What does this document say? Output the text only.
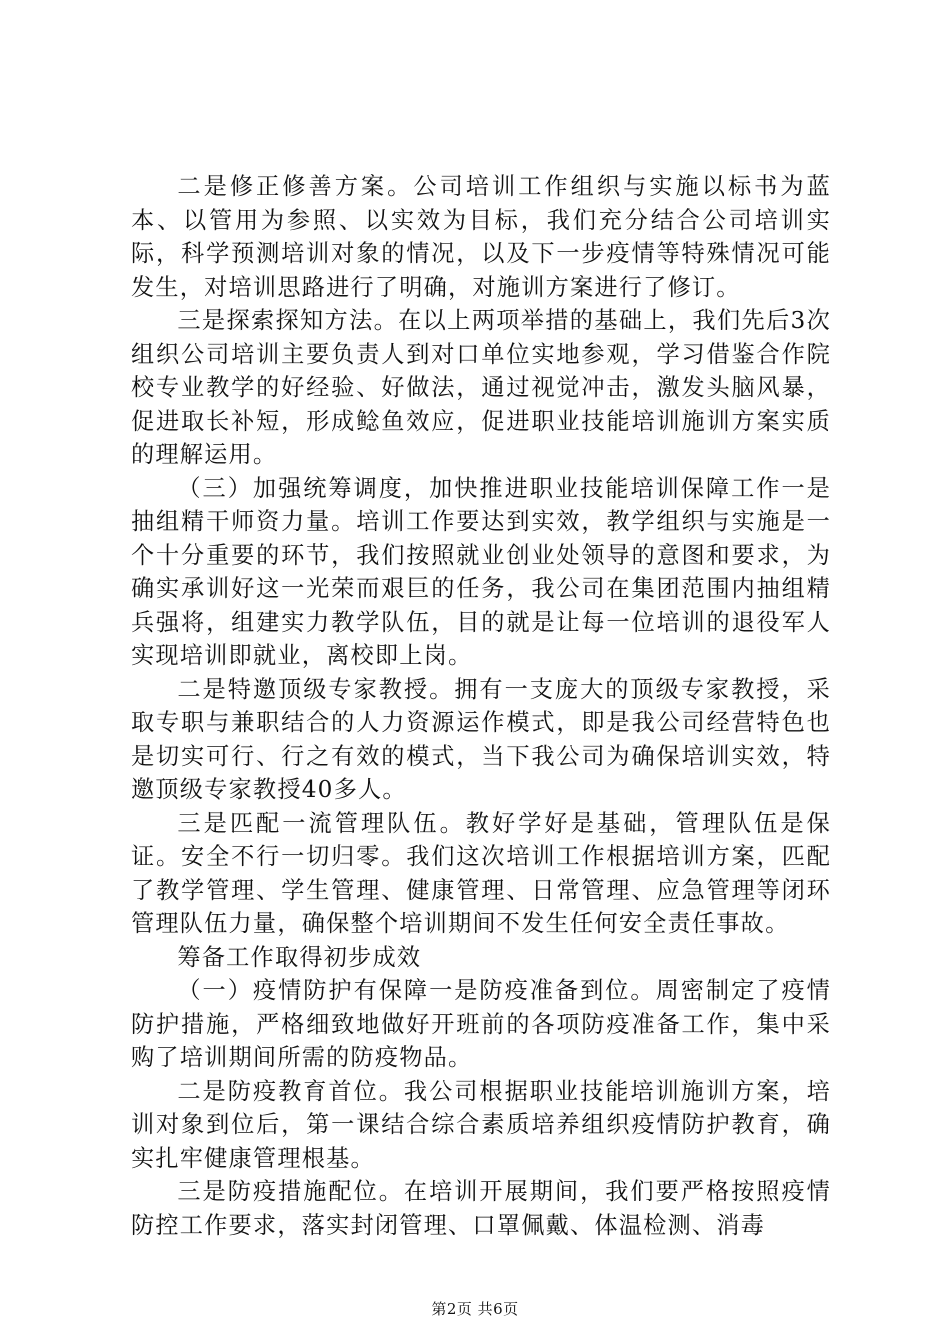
二是修正修善方案。公司培训工作组织与实施以标书为蓝本、以管用为参照、以实效为目标，我们充分结合公司培训实际，科学预测培训对象的情况，以及下一步疫情等特殊情况可能发生，对培训思路进行了明确，对施训方案进行了修订。

三是探索探知方法。在以上两项举措的基础上，我们先后3次组织公司培训主要负责人到对口单位实地参观，学习借鉴合作院校专业教学的好经验、好做法，通过视觉冲击，激发头脑风暴，促进取长补短，形成鲶鱼效应，促进职业技能培训施训方案实质的理解运用。

（三）加强统筹调度，加快推进职业技能培训保障工作一是抽组精干师资力量。培训工作要达到实效，教学组织与实施是一个十分重要的环节，我们按照就业创业处领导的意图和要求，为确实承训好这一光荣而艰巨的任务，我公司在集团范围内抽组精兵强将，组建实力教学队伍，目的就是让每一位培训的退役军人实现培训即就业，离校即上岗。

二是特邀顶级专家教授。拥有一支庞大的顶级专家教授，采取专职与兼职结合的人力资源运作模式，即是我公司经营特色也是切实可行、行之有效的模式，当下我公司为确保培训实效，特邀顶级专家教授40多人。

三是匹配一流管理队伍。教好学好是基础，管理队伍是保证。安全不行一切归零。我们这次培训工作根据培训方案，匹配了教学管理、学生管理、健康管理、日常管理、应急管理等闭环管理队伍力量，确保整个培训期间不发生任何安全责任事故。

筹备工作取得初步成效

（一）疫情防护有保障一是防疫准备到位。周密制定了疫情防护措施，严格细致地做好开班前的各项防疫准备工作，集中采购了培训期间所需的防疫物品。

二是防疫教育首位。我公司根据职业技能培训施训方案，培训对象到位后，第一课结合综合素质培养组织疫情防护教育，确实扎牢健康管理根基。

三是防疫措施配位。在培训开展期间，我们要严格按照疫情防控工作要求，落实封闭管理、口罩佩戴、体温检测、消毒

第2页 共6页
